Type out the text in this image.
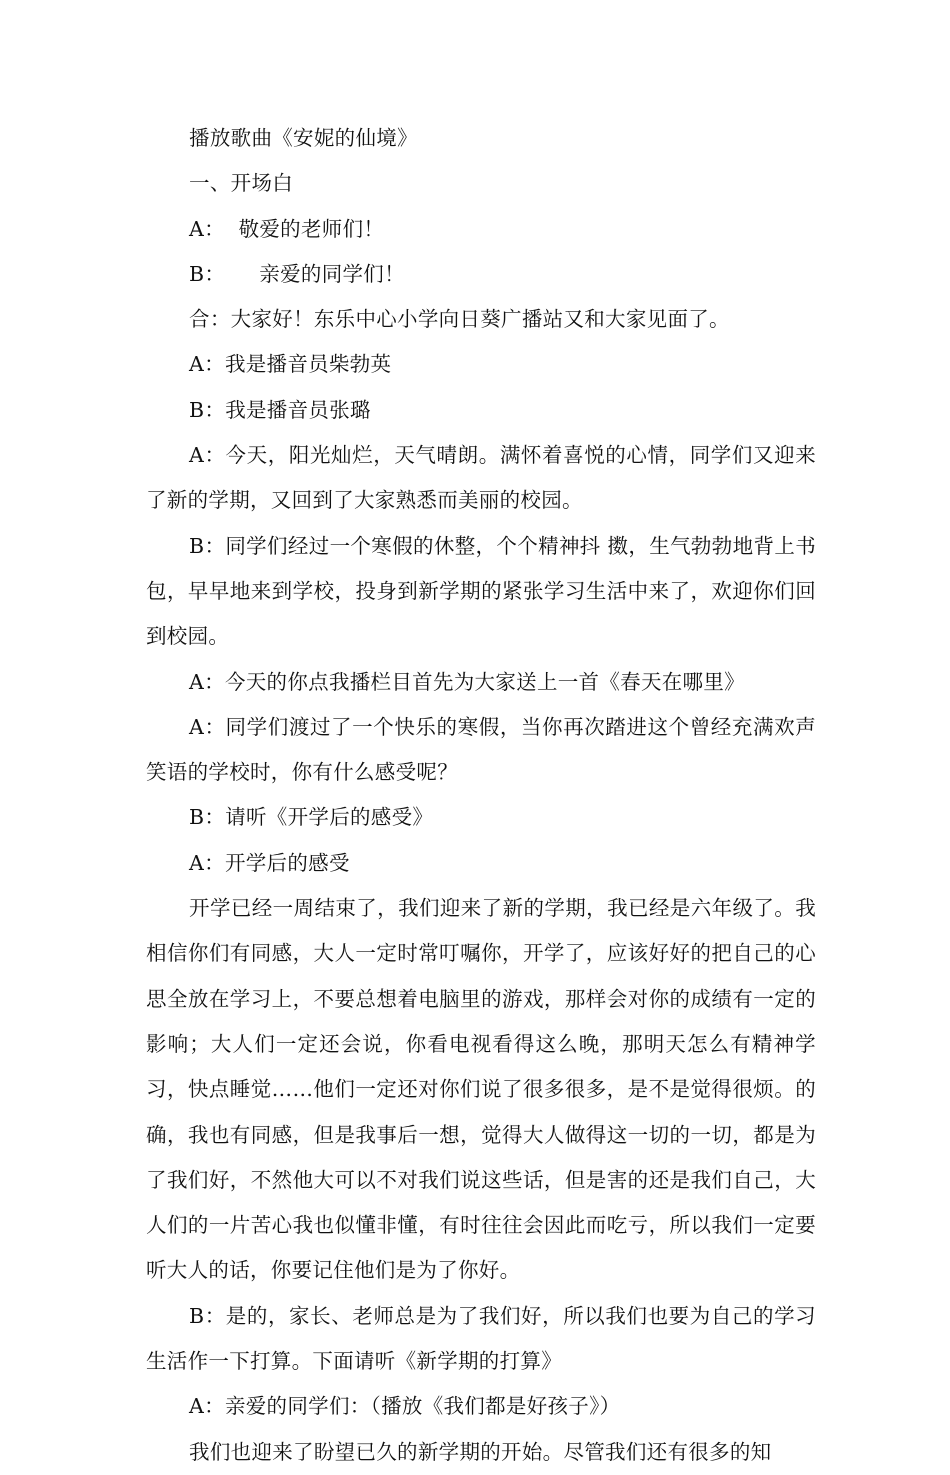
播放歌曲《安妮的仙境》

一、开场白

A：  敬爱的老师们！

B：     亲爱的同学们！

合：大家好！东乐中心小学向日葵广播站又和大家见面了。

A：我是播音员柴勃英

B：我是播音员张璐

A：今天，阳光灿烂，天气晴朗。满怀着喜悦的心情，同学们又迎来了新的学期，又回到了大家熟悉而美丽的校园。

B：同学们经过一个寒假的休整，个个精神抖 擞，生气勃勃地背上书包，早早地来到学校，投身到新学期的紧张学习生活中来了，欢迎你们回到校园。

A：今天的你点我播栏目首先为大家送上一首《春天在哪里》

A：同学们渡过了一个快乐的寒假，当你再次踏进这个曾经充满欢声笑语的学校时，你有什么感受呢？

B：请听《开学后的感受》

A：开学后的感受

开学已经一周结束了，我们迎来了新的学期，我已经是六年级了。我相信你们有同感，大人一定时常叮嘱你，开学了，应该好好的把自己的心思全放在学习上，不要总想着电脑里的游戏，那样会对你的成绩有一定的影响；大人们一定还会说，你看电视看得这么晚，那明天怎么有精神学习，快点睡觉……他们一定还对你们说了很多很多，是不是觉得很烦。的确，我也有同感，但是我事后一想，觉得大人做得这一切的一切，都是为了我们好，不然他大可以不对我们说这些话，但是害的还是我们自己，大人们的一片苦心我也似懂非懂，有时往往会因此而吃亏，所以我们一定要听大人的话，你要记住他们是为了你好。

B：是的，家长、老师总是为了我们好，所以我们也要为自己的学习生活作一下打算。下面请听《新学期的打算》

A：亲爱的同学们：（播放《我们都是好孩子》）

我们也迎来了盼望已久的新学期的开始。尽管我们还有很多的知
